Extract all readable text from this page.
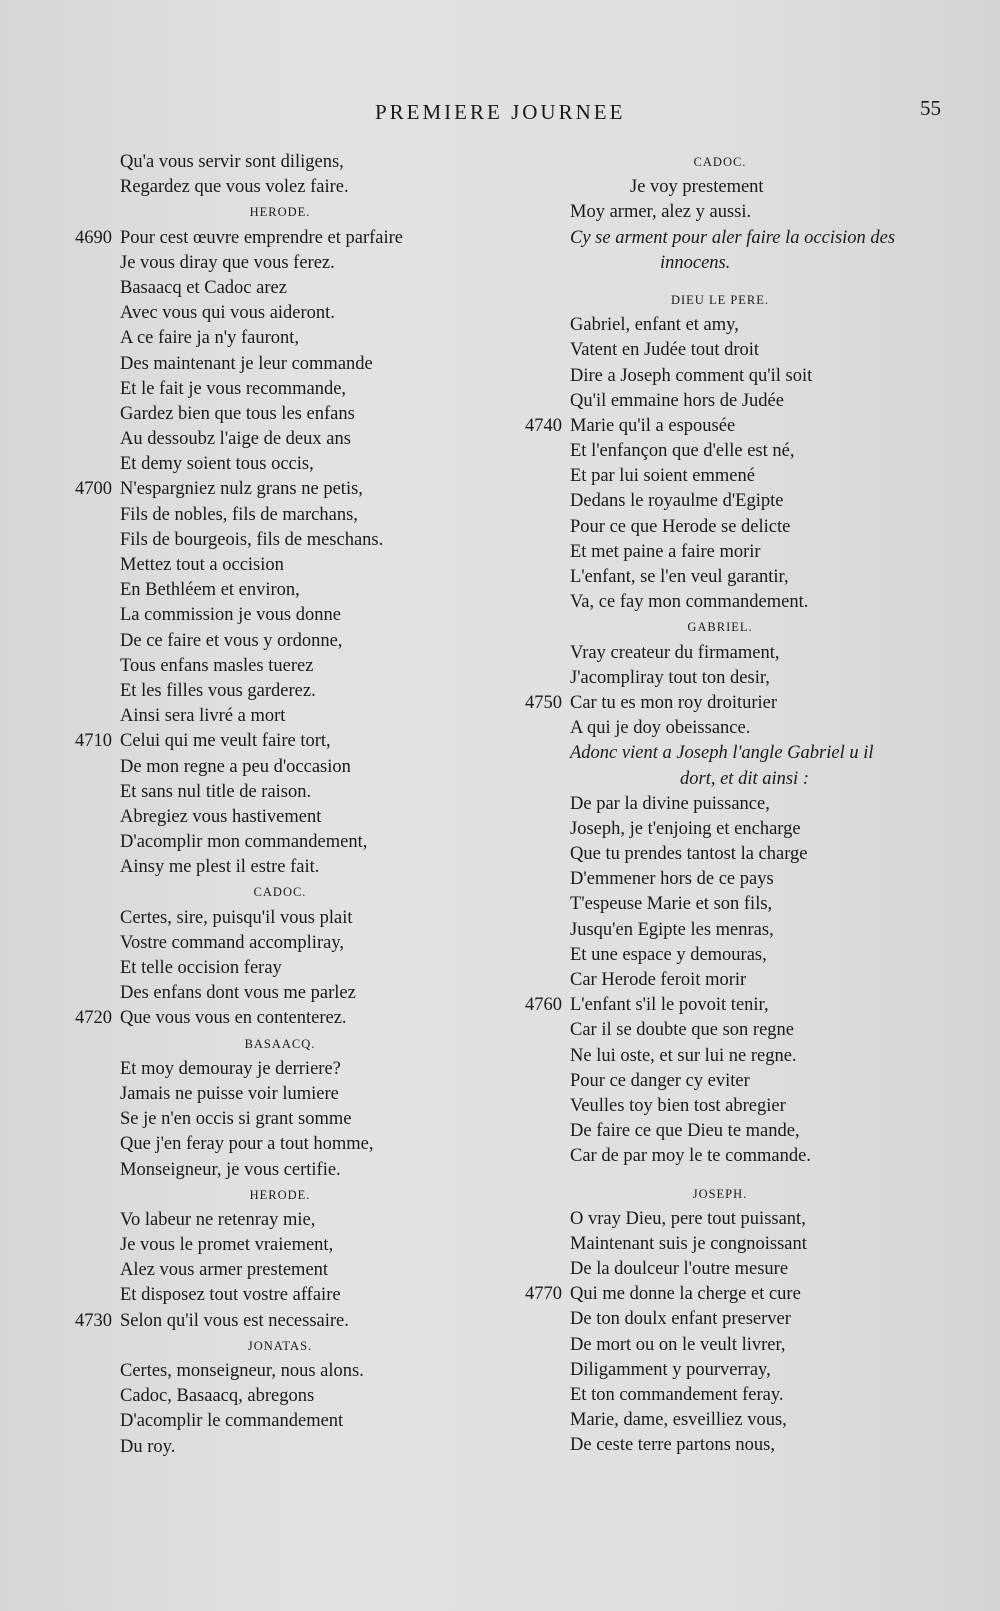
PREMIERE JOURNEE	55
Qu'a vous servir sont diligens,
Regardez que vous volez faire.
HERODE.
4690 Pour cest œuvre emprendre et parfaire
Je vous diray que vous ferez.
Basaacq et Cadoc arez
Avec vous qui vous aideront.
A ce faire ja n'y fauront,
Des maintenant je leur commande
Et le fait je vous recommande,
Gardez bien que tous les enfans
Au dessoubz l'aige de deux ans
Et demy soient tous occis,
4700 N'espargniez nulz grans ne petis,
Fils de nobles, fils de marchans,
Fils de bourgeois, fils de meschans.
Mettez tout a occision
En Bethléem et environ,
La commission je vous donne
De ce faire et vous y ordonne,
Tous enfans masles tuerez
Et les filles vous garderez.
Ainsi sera livré a mort
4710 Celui qui me veult faire tort,
De mon regne a peu d'occasion
Et sans nul title de raison.
Abregiez vous hastivement
D'acomplir mon commandement,
Ainsy me plest il estre fait.
CADOC.
Certes, sire, puisqu'il vous plait
Vostre command accompliray,
Et telle occision feray
Des enfans dont vous me parlez
4720 Que vous vous en contenterez.
BASAACQ.
Et moy demouray je derriere?
Jamais ne puisse voir lumiere
Se je n'en occis si grant somme
Que j'en feray pour a tout homme,
Monseigneur, je vous certifie.
HERODE.
Vo labeur ne retenray mie,
Je vous le promet vraiement,
Alez vous armer prestement
Et disposez tout vostre affaire
4730 Selon qu'il vous est necessaire.
JONATAS.
Certes, monseigneur, nous alons.
Cadoc, Basaacq, abregons
D'acomplir le commandement
Du roy.
CADOC.
Je voy prestement
Moy armer, alez y aussi.
Cy se arment pour aler faire la occision des
innocens.
DIEU LE PERE.
Gabriel, enfant et amy,
Vatent en Judée tout droit
Dire a Joseph comment qu'il soit
Qu'il emmaine hors de Judée
4740 Marie qu'il a espousée
Et l'enfançon que d'elle est né,
Et par lui soient emmené
Dedans le royaulme d'Egipte
Pour ce que Herode se delicte
Et met paine a faire morir
L'enfant, se l'en veul garantir,
Va, ce fay mon commandement.
GABRIEL.
Vray createur du firmament,
J'acompliray tout ton desir,
4750 Car tu es mon roy droiturier
A qui je doy obeissance.
Adonc vient a Joseph l'angle Gabriel u il
dort, et dit ainsi :
De par la divine puissance,
Joseph, je t'enjoing et encharge
Que tu prendes tantost la charge
D'emmener hors de ce pays
T'espeuse Marie et son fils,
Jusqu'en Egipte les menras,
Et une espace y demouras,
Car Herode feroit morir
4760 L'enfant s'il le povoit tenir,
Car il se doubte que son regne
Ne lui oste, et sur lui ne regne.
Pour ce danger cy eviter
Veulles toy bien tost abregier
De faire ce que Dieu te mande,
Car de par moy le te commande.
JOSEPH.
O vray Dieu, pere tout puissant,
Maintenant suis je congnoissant
De la doulceur l'outre mesure
4770 Qui me donne la cherge et cure
De ton doulx enfant preserver
De mort ou on le veult livrer,
Diligamment y pourverray,
Et ton commandement feray.
Marie, dame, esveilliez vous,
De ceste terre partons nous,
